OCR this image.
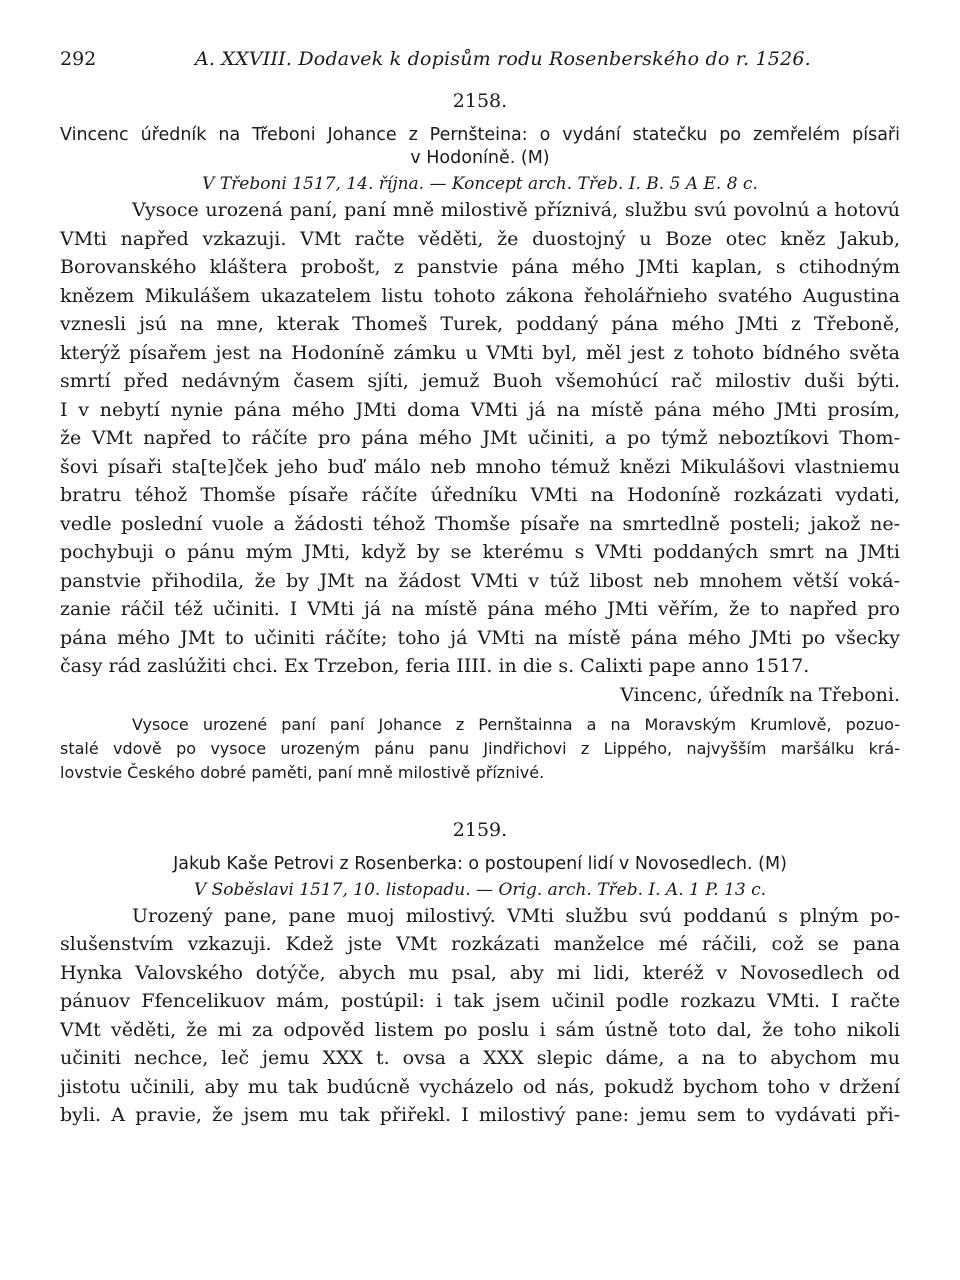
292	A. XXVIII. Dodavek k dopisům rodu Rosenberského do r. 1526.
2158.
Vincenc úředník na Třeboni Johance z Pernšteina: o vydání statečku po zemřelém písaři
v Hodoníně. (M)
V Třeboni 1517, 14. října. — Koncept arch. Třeb. I. B. 5 A E. 8 c.
Vysoce urozená paní, paní mně milostivě příznivá, službu svú povolnú a hotovú
VMti napřed vzkazuji. VMt račte věděti, že duostojný u Boze otec kněz Jakub,
Borovanského kláštera probošt, z panstvie pána mého JMti kaplan, s ctihodným
knězem Mikulášem ukazatelem listu tohoto zákona řeholářnieho svatého Augustina
vznesli jsú na mne, kterak Thomeš Turek, poddaný pána mého JMti z Třeboně,
kterýž písařem jest na Hodoníně zámku u VMti byl, měl jest z tohoto bídného světa
smrtí před nedávným časem sjíti, jemuž Buoh všemohúcí rač milostiv duši býti.
I v nebytí nynie pána mého JMti doma VMti já na místě pána mého JMti prosím,
že VMt napřed to ráčíte pro pána mého JMt učiniti, a po týmž neboztíkovi Thom-
šovi písaři sta[te]ček jeho buď málo neb mnoho témuž knězi Mikulášovi vlastniemu
bratru téhož Thomše písaře ráčíte úředníku VMti na Hodoníně rozkázati vydati,
vedle poslední vuole a žádosti téhož Thomše písaře na smrtedlně posteli; jakož ne-
pochybuji o pánu mým JMti, když by se kterému s VMti poddaných smrt na JMti
panstvie přihodila, že by JMt na žádost VMti v túž libost neb mnohem větší voká-
zanie ráčil též učiniti. I VMti já na místě pána mého JMti věřím, že to napřed pro
pána mého JMt to učiniti ráčíte; toho já VMti na místě pána mého JMti po všecky
časy rád zaslúžiti chci. Ex Trzebon, feria IIII. in die s. Calixti pape anno 1517.
Vincenc, úředník na Třeboni.
Vysoce urozené paní paní Johance z Pernštainna a na Moravským Krumlově, pozuo-
stalé vdově po vysoce urozeným pánu panu Jindřichovi z Lippého, najvyšším maršálku krá-
lovstvie Českého dobré paměti, paní mně milostivě příznivé.
2159.
Jakub Kaše Petrovi z Rosenberka: o postoupení lidí v Novosedlech. (M)
V Soběslavi 1517, 10. listopadu. — Orig. arch. Třeb. I. A. 1 P. 13 c.
Urozený pane, pane muoj milostivý. VMti službu svú poddanú s plným po-
slušenstvím vzkazuji. Kdež jste VMt rozkázati manželce mé ráčili, což se pana
Hynka Valovského dotýče, abych mu psal, aby mi lidi, kteréž v Novosedlech od
pánuov Ffencelikuov mám, postúpil: i tak jsem učinil podle rozkazu VMti. I račte
VMt věděti, že mi za odpověd listem po poslu i sám ústně toto dal, že toho nikoli
učiniti nechce, leč jemu XXX t. ovsa a XXX slepic dáme, a na to abychom mu
jistotu učinili, aby mu tak budúcně vycházelo od nás, pokudž bychom toho v držení
byli. A pravie, že jsem mu tak přiřekl. I milostivý pane: jemu sem to vydávati při-
